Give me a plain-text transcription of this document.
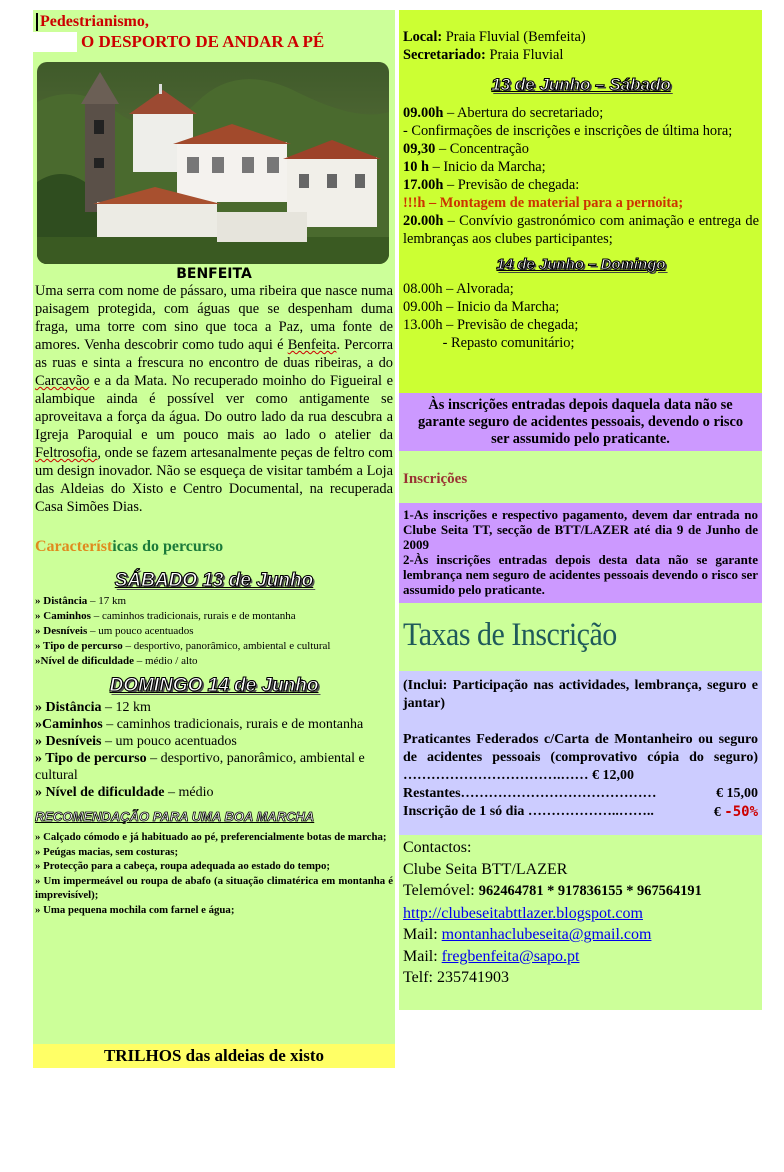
Pedestrianismo,
O DESPORTO DE ANDAR A PÉ
BENFEITA

Uma serra com nome de pássaro, uma ribeira que nasce numa paisagem protegida, com águas que se despenham duma fraga, uma torre com sino que toca a Paz, uma fonte de amores. Venha descobrir como tudo aqui é Benfeita. Percorra as ruas e sinta a frescura no encontro de duas ribeiras, a do Carcavão e a da Mata. No recuperado moinho do Figueiral e alambique ainda é possível ver como antigamente se aproveitava a força da água. Do outro lado da rua descubra a Igreja Paroquial e um pouco mais ao lado o atelier da Feltrosofia, onde se fazem artesanalmente peças de feltro com um design inovador. Não se esqueça de visitar também a Loja das Aldeias do Xisto e Centro Documental, na recuperada Casa Simões Dias.

Características do percurso
SÁBADO 13 de Junho
» Distância – 17 km
» Caminhos – caminhos tradicionais, rurais e de montanha
» Desníveis – um pouco acentuados
» Tipo de percurso – desportivo, panorâmico, ambiental e cultural
»Nível de dificuldade – médio / alto
DOMINGO 14 de Junho
» Distância – 12 km
»Caminhos – caminhos tradicionais, rurais e de montanha
» Desníveis – um pouco acentuados
» Tipo de percurso – desportivo, panorâmico, ambiental e cultural
» Nível de dificuldade – médio
RECOMENDAÇÃO PARA UMA BOA MARCHA
» Calçado cómodo e já habituado ao pé, preferencialmente botas de marcha;
» Peúgas macias, sem costuras;
» Protecção para a cabeça, roupa adequada ao estado do tempo;
» Um impermeável ou roupa de abafo (a situação climatérica em montanha é imprevisível);
» Uma pequena mochila com farnel e água;
TRILHOS das aldeias de xisto
Local: Praia Fluvial (Bemfeita)
Secretariado: Praia Fluvial
13 de Junho – Sábado
09.00h – Abertura do secretariado;
- Confirmações de inscrições e inscrições de última hora;
09,30 – Concentração
10 h – Inicio da Marcha;
17.00h – Previsão de chegada:
!!!h – Montagem de material para a pernoita;
20.00h – Convívio gastronómico com animação e entrega de lembranças aos clubes participantes;
14 de Junho – Domingo
08.00h – Alvorada;
09.00h – Inicio da Marcha;
13.00h – Previsão de chegada;
- Repasto comunitário;
Às inscrições entradas depois daquela data não se garante seguro de acidentes pessoais, devendo o risco ser assumido pelo praticante.
Inscrições
1-As inscrições e respectivo pagamento, devem dar entrada no Clube Seita TT, secção de BTT/LAZER até dia 9 de Junho de 2009
2-Às inscrições entradas depois desta data não se garante lembrança nem seguro de acidentes pessoais devendo o risco ser assumido pelo praticante.
Taxas de Inscrição
(Inclui: Participação nas actividades, lembrança, seguro e jantar)
Praticantes Federados c/Carta de Montanheiro ou seguro de acidentes pessoais (comprovativo cópia do seguro) …………………………….…… € 12,00
Restantes……………………………………	€ 15,00
Inscrição de 1 só dia ………………..……..	€ -50%
Contactos:
Clube Seita BTT/LAZER
Telemóvel: 962464781 * 917836155 * 967564191
http://clubeseitabttlazer.blogspot.com
Mail: montanhaclubeseita@gmail.com
Mail: fregbenfeita@sapo.pt
Telf: 235741903
